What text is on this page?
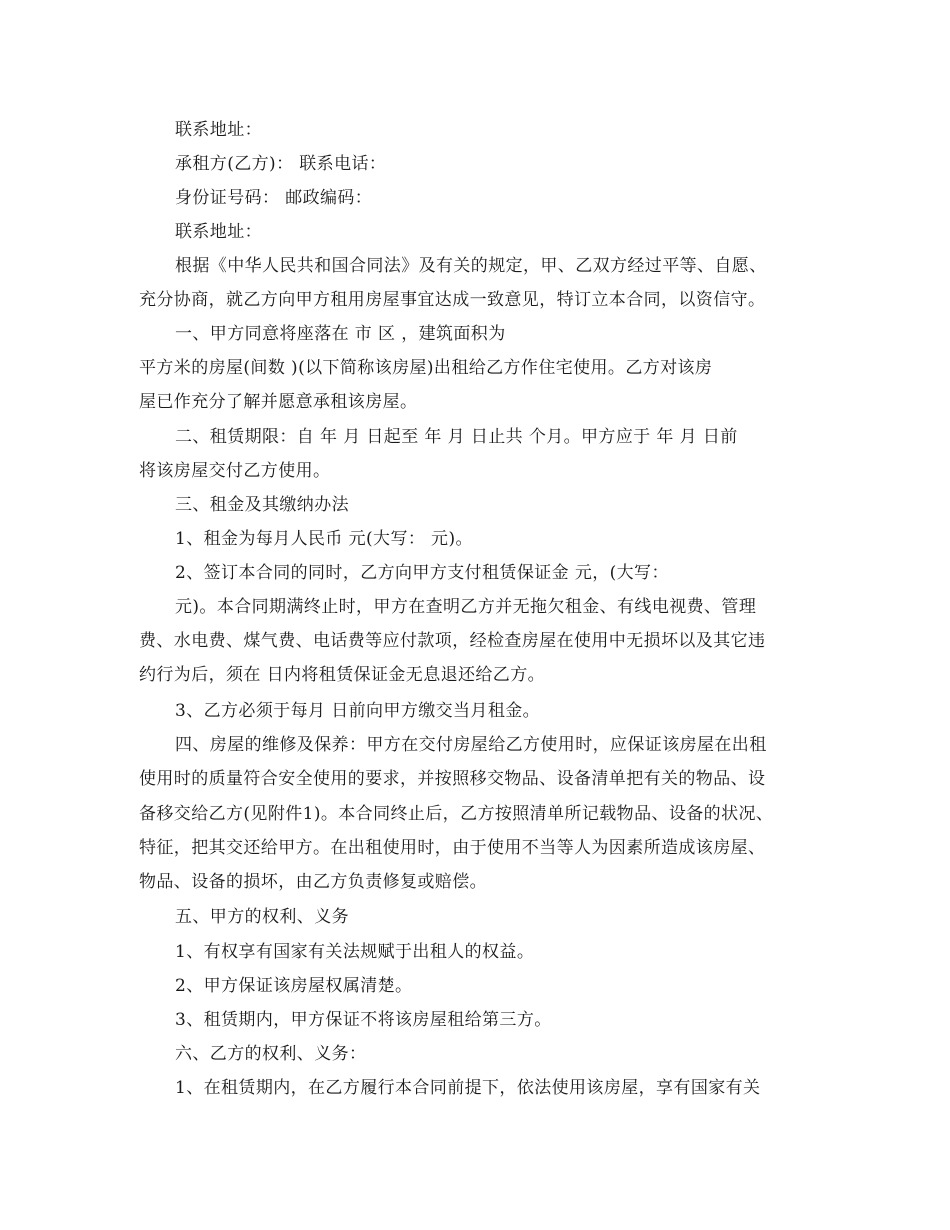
联系地址：
承租方(乙方)： 联系电话：
身份证号码： 邮政编码：
联系地址：
根据《中华人民共和国合同法》及有关的规定，甲、乙双方经过平等、自愿、
充分协商，就乙方向甲方租用房屋事宜达成一致意见，特订立本合同，以资信守。
一、甲方同意将座落在 市 区 ，建筑面积为
平方米的房屋(间数 )(以下简称该房屋)出租给乙方作住宅使用。乙方对该房
屋已作充分了解并愿意承租该房屋。
二、租赁期限：自 年 月 日起至 年 月 日止共 个月。甲方应于 年 月 日前
将该房屋交付乙方使用。
三、租金及其缴纳办法
1、租金为每月人民币 元(大写： 元)。
2、签订本合同的同时，乙方向甲方支付租赁保证金 元，(大写：
元)。本合同期满终止时，甲方在查明乙方并无拖欠租金、有线电视费、管理
费、水电费、煤气费、电话费等应付款项，经检查房屋在使用中无损坏以及其它违
约行为后，须在 日内将租赁保证金无息退还给乙方。
3、乙方必须于每月 日前向甲方缴交当月租金。
四、房屋的维修及保养：甲方在交付房屋给乙方使用时，应保证该房屋在出租
使用时的质量符合安全使用的要求，并按照移交物品、设备清单把有关的物品、设
备移交给乙方(见附件1)。本合同终止后，乙方按照清单所记载物品、设备的状况、
特征，把其交还给甲方。在出租使用时，由于使用不当等人为因素所造成该房屋、
物品、设备的损坏，由乙方负责修复或赔偿。
五、甲方的权利、义务
1、有权享有国家有关法规赋于出租人的权益。
2、甲方保证该房屋权属清楚。
3、租赁期内，甲方保证不将该房屋租给第三方。
六、乙方的权利、义务：
1、在租赁期内，在乙方履行本合同前提下，依法使用该房屋，享有国家有关
